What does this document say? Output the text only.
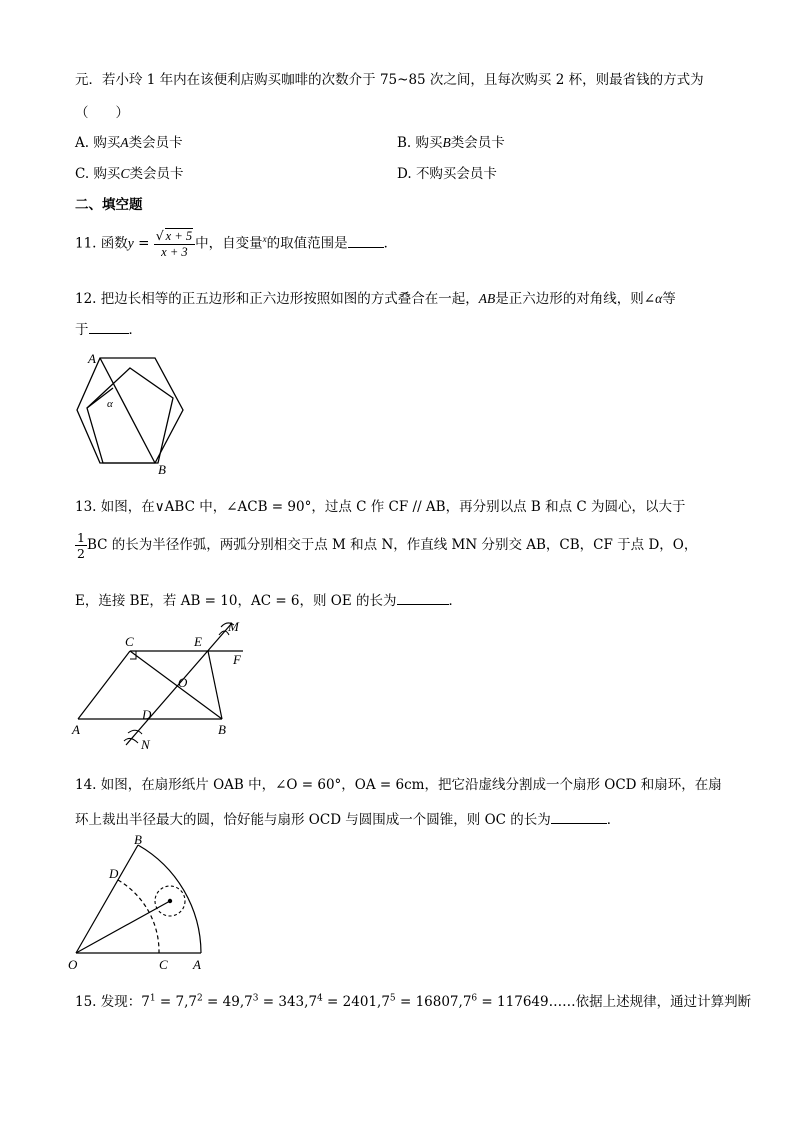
元．若小玲 1 年内在该便利店购买咖啡的次数介于 75~85 次之间，且每次购买 2 杯，则最省钱的方式为
（　　）
A. 购买A类会员卡	B. 购买B类会员卡
C. 购买C类会员卡	D. 不购买会员卡
二、填空题
11. 函数$y = \frac{√ x + 5}{x + 3}$ 中，自变量$^x$的取值范围是	．
12. 把边长相等的正五边形和正六边形按照如图的方式叠合在一起，AB是正六边形的对角线，则∠α等
于	．
A
B
α
13. 如图，在∨ABC 中，∠ACB = 90°，过点 C 作 CF // AB，再分别以点 B 和点 C 为圆心，以大于
$\frac{1}{2}$ BC 的长为半径作弧，两弧分别相交于点 M 和点 N，作直线 MN 分别交 AB，CB，CF 于点 D，O，
E，连接 BE，若 AB = 10，AC = 6，则 OE 的长为	．
A	B
C
D
E
F
O
M
N
14. 如图，在扇形纸片 OAB 中，∠O = 60°，OA = 6cm，把它沿虚线分割成一个扇形 OCD 和扇环，在扇
环上裁出半径最大的圆，恰好能与扇形 OCD 与圆围成一个圆锥，则 OC 的长为	．
O	A
B
C
D
15. 发现：$7^1 = 7,7^2 = 49,7^3 = 343,7^4 = 2401,7^5 = 16807,7^6$ = 117649……依据上述规律，通过计算判断
